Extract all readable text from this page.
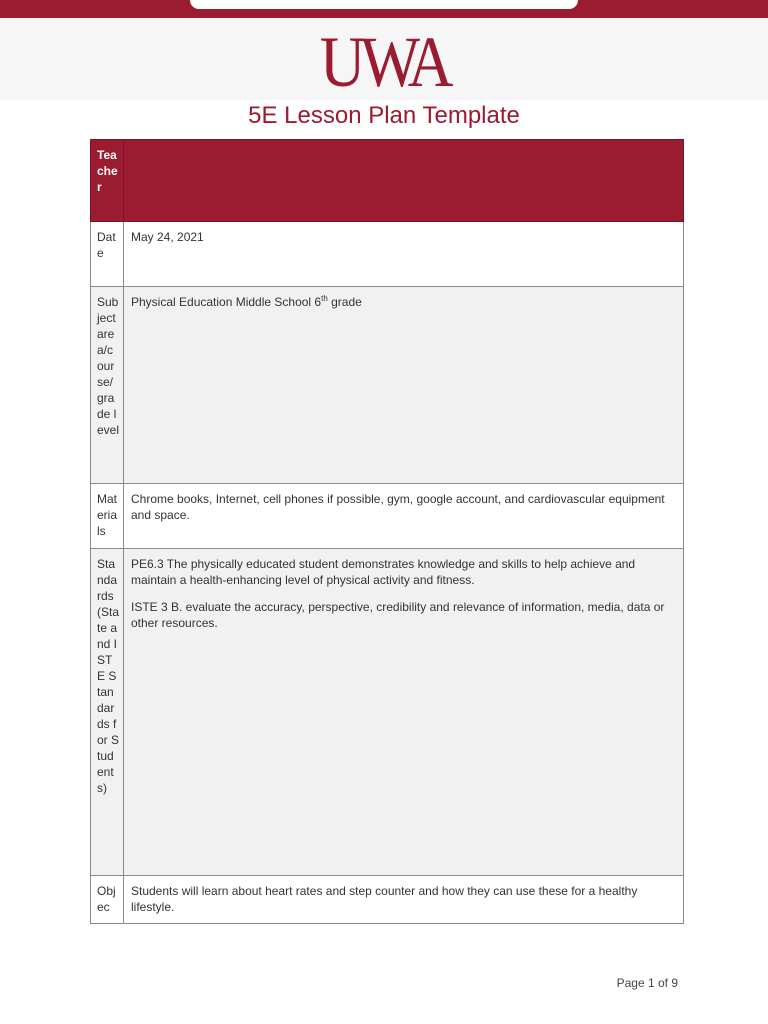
UWA
5E Lesson Plan Template
Teacher	
Date	May 24, 2021
Subject area/course/grade level	Physical Education Middle School 6th grade
Materials	Chrome books, Internet, cell phones if possible, gym, google account, and cardiovascular equipment and space.
Standards (State and ISTE Standards for Students)	PE6.3 The physically educated student demonstrates knowledge and skills to help achieve and maintain a health-enhancing level of physical activity and fitness.

ISTE 3 B. evaluate the accuracy, perspective, credibility and relevance of information, media, data or other resources.

Objec	Students will learn about heart rates and step counter and how they can use these for a healthy lifestyle.
Page 1 of 9
